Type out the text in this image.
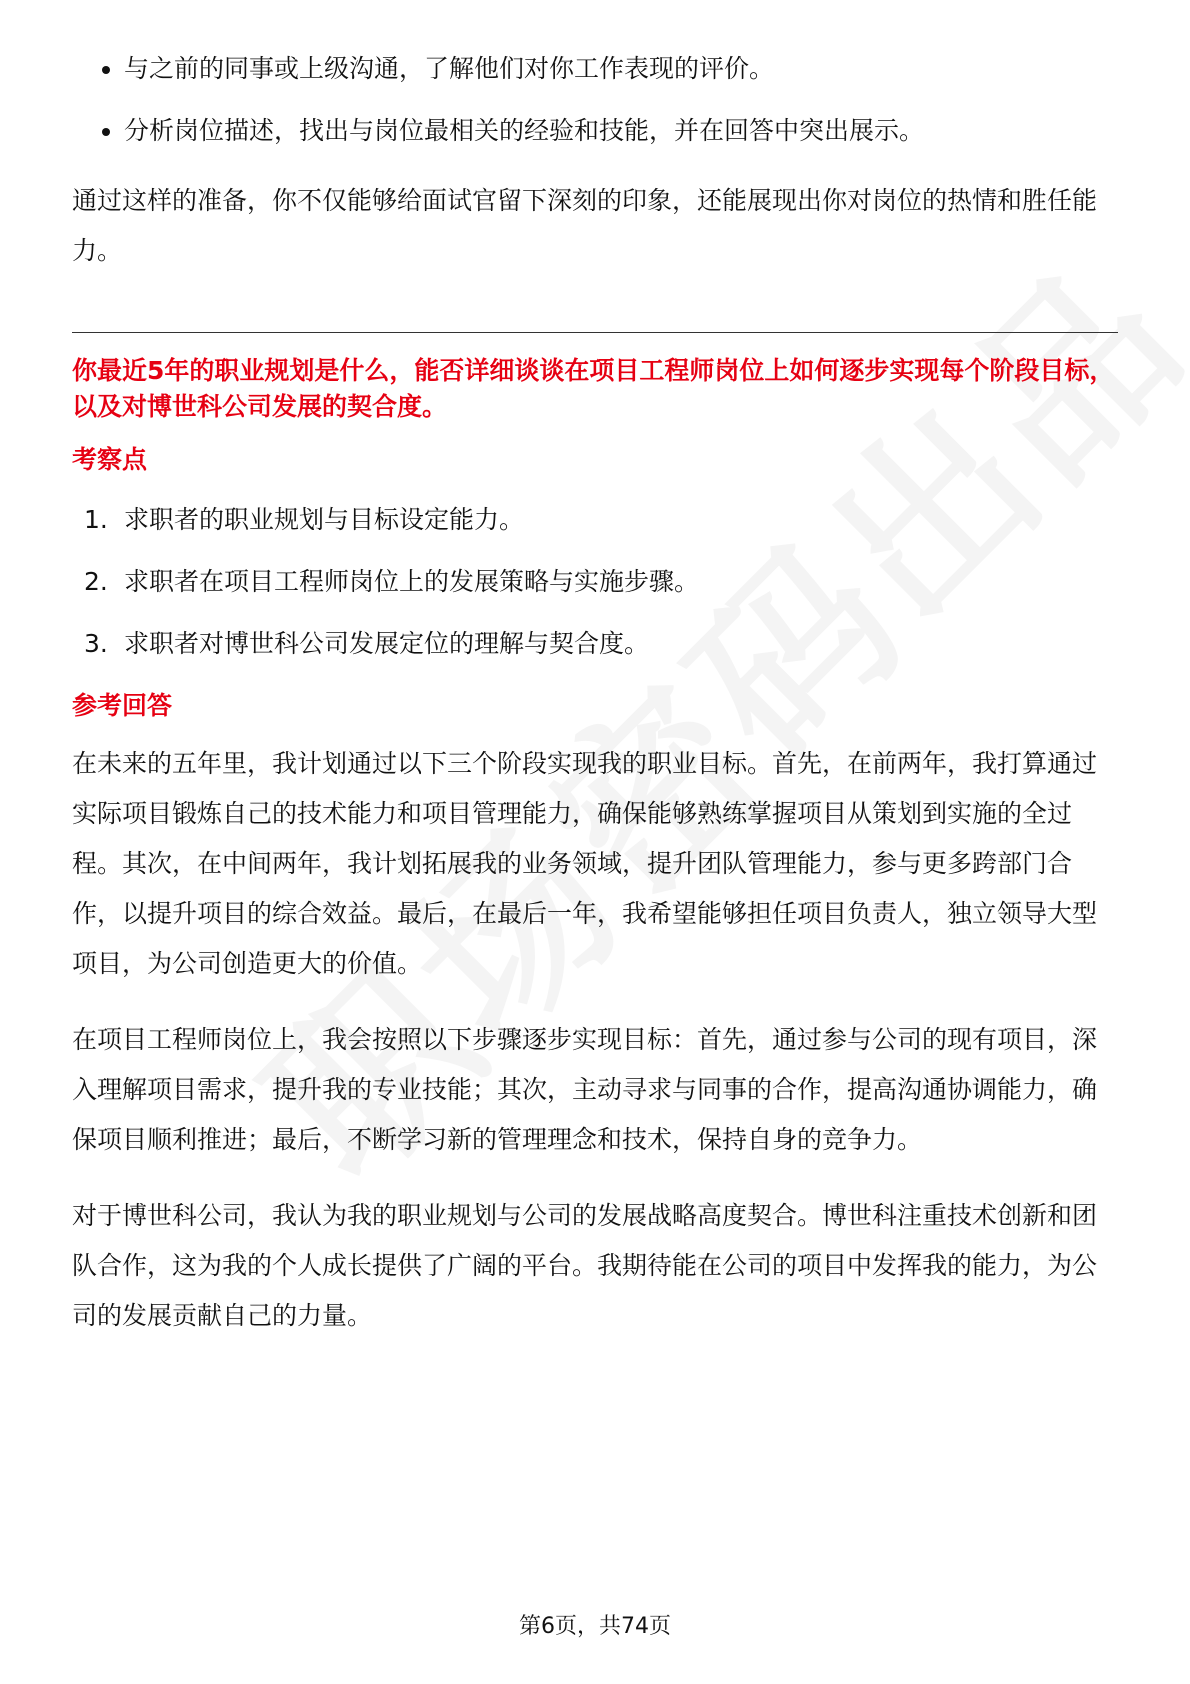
与之前的同事或上级沟通，了解他们对你工作表现的评价。
分析岗位描述，找出与岗位最相关的经验和技能，并在回答中突出展示。

通过这样的准备，你不仅能够给面试官留下深刻的印象，还能展现出你对岗位的热情和胜任能力。

你最近5年的职业规划是什么，能否详细谈谈在项目工程师岗位上如何逐步实现每个阶段目标，以及对博世科公司发展的契合度。

考察点

1. 求职者的职业规划与目标设定能力。
2. 求职者在项目工程师岗位上的发展策略与实施步骤。
3. 求职者对博世科公司发展定位的理解与契合度。

参考回答

在未来的五年里，我计划通过以下三个阶段实现我的职业目标。首先，在前两年，我打算通过实际项目锻炼自己的技术能力和项目管理能力，确保能够熟练掌握项目从策划到实施的全过程。其次，在中间两年，我计划拓展我的业务领域，提升团队管理能力，参与更多跨部门合作，以提升项目的综合效益。最后，在最后一年，我希望能够担任项目负责人，独立领导大型项目，为公司创造更大的价值。

在项目工程师岗位上，我会按照以下步骤逐步实现目标：首先，通过参与公司的现有项目，深入理解项目需求，提升我的专业技能；其次，主动寻求与同事的合作，提高沟通协调能力，确保项目顺利推进；最后，不断学习新的管理理念和技术，保持自身的竞争力。

对于博世科公司，我认为我的职业规划与公司的发展战略高度契合。博世科注重技术创新和团队合作，这为我的个人成长提供了广阔的平台。我期待能在公司的项目中发挥我的能力，为公司的发展贡献自己的力量。

第6页，共74页
